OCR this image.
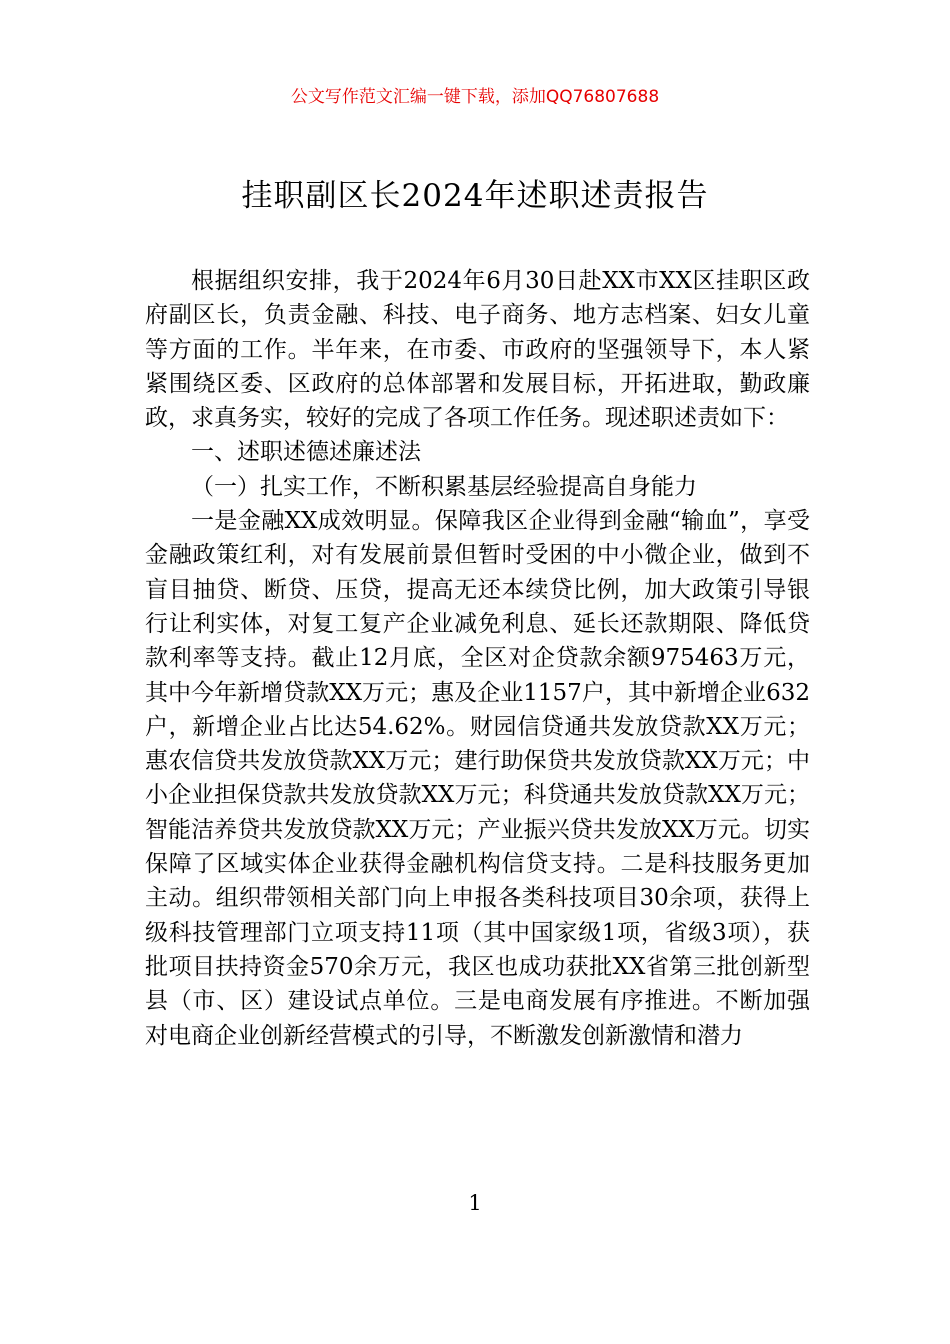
公文写作范文汇编一键下载，添加QQ76807688
挂职副区长2024年述职述责报告

根据组织安排，我于2024年6月30日赴XX市XX区挂职区政府副区长，负责金融、科技、电子商务、地方志档案、妇女儿童等方面的工作。半年来，在市委、市政府的坚强领导下，本人紧紧围绕区委、区政府的总体部署和发展目标，开拓进取，勤政廉政，求真务实，较好的完成了各项工作任务。现述职述责如下：

一、述职述德述廉述法

（一）扎实工作，不断积累基层经验提高自身能力

一是金融XX成效明显。保障我区企业得到金融“输血”，享受金融政策红利，对有发展前景但暂时受困的中小微企业，做到不盲目抽贷、断贷、压贷，提高无还本续贷比例，加大政策引导银行让利实体，对复工复产企业减免利息、延长还款期限、降低贷款利率等支持。截止12月底，全区对企贷款余额975463万元，其中今年新增贷款XX万元；惠及企业1157户，其中新增企业632户，新增企业占比达54.62%。财园信贷通共发放贷款XX万元；惠农信贷共发放贷款XX万元；建行助保贷共发放贷款XX万元；中小企业担保贷款共发放贷款XX万元；科贷通共发放贷款XX万元；智能洁养贷共发放贷款XX万元；产业振兴贷共发放XX万元。切实保障了区域实体企业获得金融机构信贷支持。二是科技服务更加主动。组织带领相关部门向上申报各类科技项目30余项，获得上级科技管理部门立项支持11项（其中国家级1项，省级3项），获批项目扶持资金570余万元，我区也成功获批XX省第三批创新型县（市、区）建设试点单位。三是电商发展有序推进。不断加强对电商企业创新经营模式的引导，不断激发创新激情和潜力

1
